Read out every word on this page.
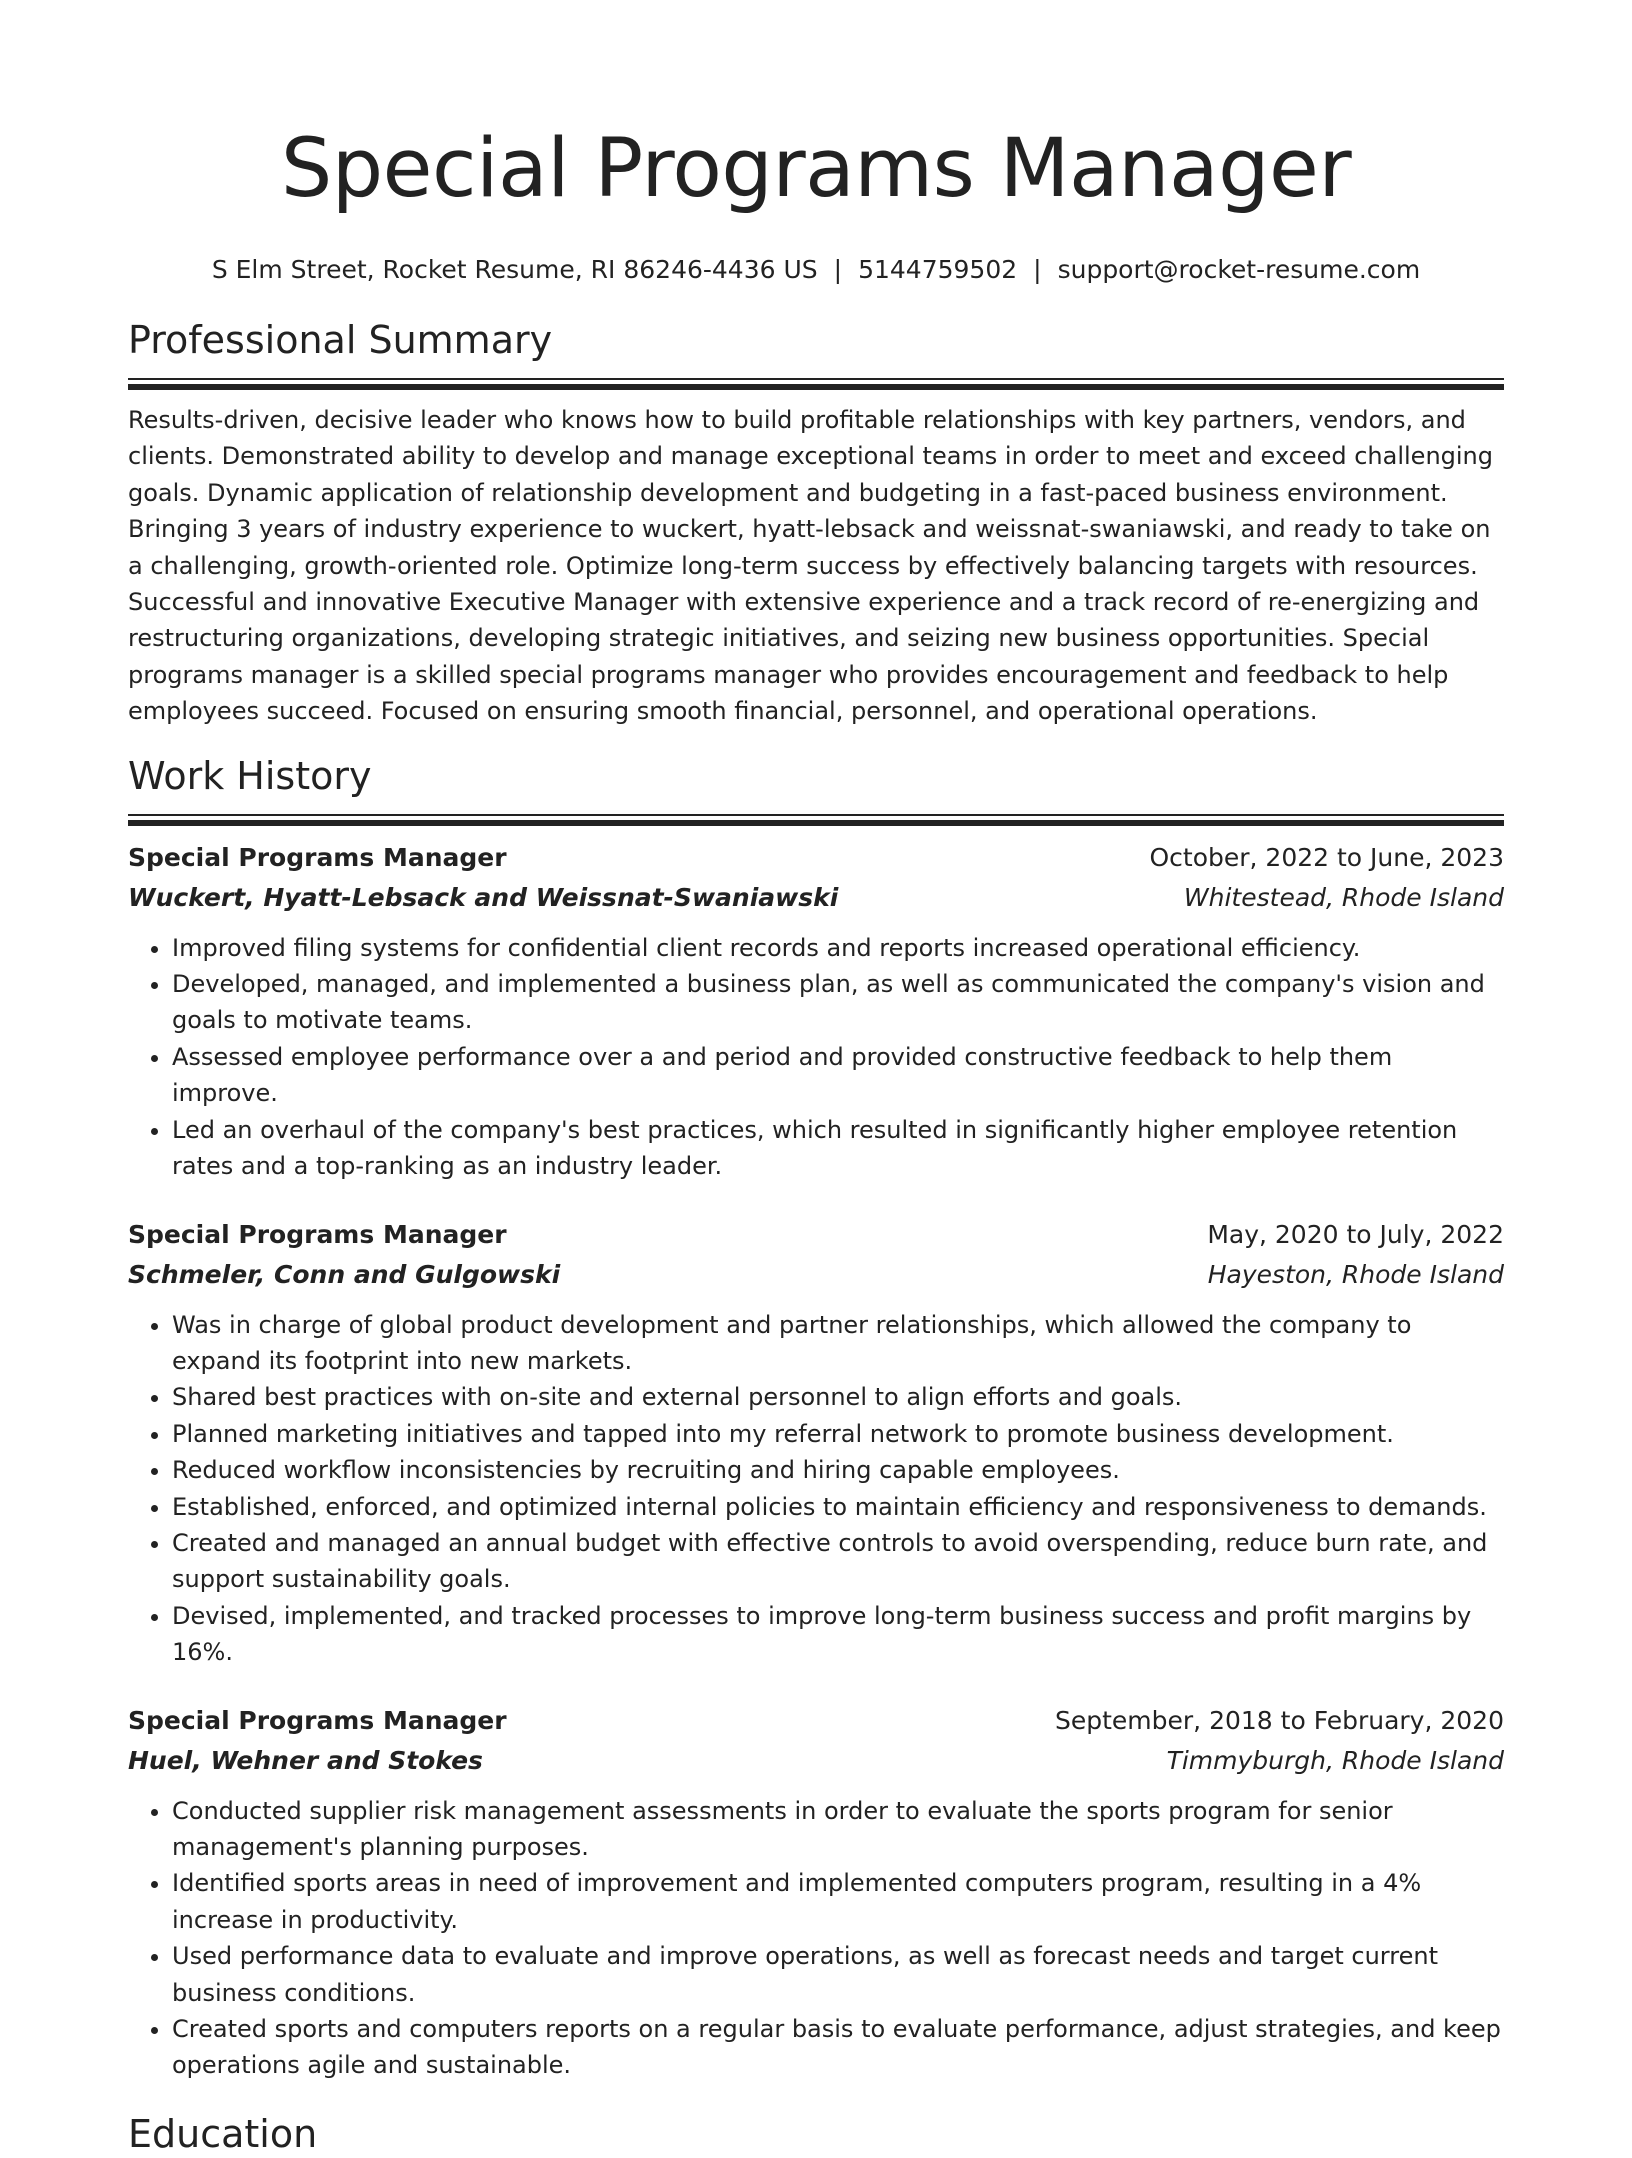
Special Programs Manager
S Elm Street, Rocket Resume, RI 86246-4436 US | 5144759502 | support@rocket-resume.com
Professional Summary

Results-driven, decisive leader who knows how to build profitable relationships with key partners, vendors, and clients. Demonstrated ability to develop and manage exceptional teams in order to meet and exceed challenging goals. Dynamic application of relationship development and budgeting in a fast-paced business environment. Bringing 3 years of industry experience to wuckert, hyatt-lebsack and weissnat-swaniawski, and ready to take on a challenging, growth-oriented role. Optimize long-term success by effectively balancing targets with resources. Successful and innovative Executive Manager with extensive experience and a track record of re-energizing and restructuring organizations, developing strategic initiatives, and seizing new business opportunities. Special programs manager is a skilled special programs manager who provides encouragement and feedback to help employees succeed. Focused on ensuring smooth financial, personnel, and operational operations.

Work History
Special Programs Manager	October, 2022 to June, 2023
Wuckert, Hyatt-Lebsack and Weissnat-Swaniawski	Whitestead, Rhode Island
• Improved filing systems for confidential client records and reports increased operational efficiency.
• Developed, managed, and implemented a business plan, as well as communicated the company's vision and goals to motivate teams.
• Assessed employee performance over a and period and provided constructive feedback to help them improve.
• Led an overhaul of the company's best practices, which resulted in significantly higher employee retention rates and a top-ranking as an industry leader.
Special Programs Manager	May, 2020 to July, 2022
Schmeler, Conn and Gulgowski	Hayeston, Rhode Island
• Was in charge of global product development and partner relationships, which allowed the company to expand its footprint into new markets.
• Shared best practices with on-site and external personnel to align efforts and goals.
• Planned marketing initiatives and tapped into my referral network to promote business development.
• Reduced workflow inconsistencies by recruiting and hiring capable employees.
• Established, enforced, and optimized internal policies to maintain efficiency and responsiveness to demands.
• Created and managed an annual budget with effective controls to avoid overspending, reduce burn rate, and support sustainability goals.
• Devised, implemented, and tracked processes to improve long-term business success and profit margins by 16%.
Special Programs Manager	September, 2018 to February, 2020
Huel, Wehner and Stokes	Timmyburgh, Rhode Island
• Conducted supplier risk management assessments in order to evaluate the sports program for senior management's planning purposes.
• Identified sports areas in need of improvement and implemented computers program, resulting in a 4% increase in productivity.
• Used performance data to evaluate and improve operations, as well as forecast needs and target current business conditions.
• Created sports and computers reports on a regular basis to evaluate performance, adjust strategies, and keep operations agile and sustainable.
Education
